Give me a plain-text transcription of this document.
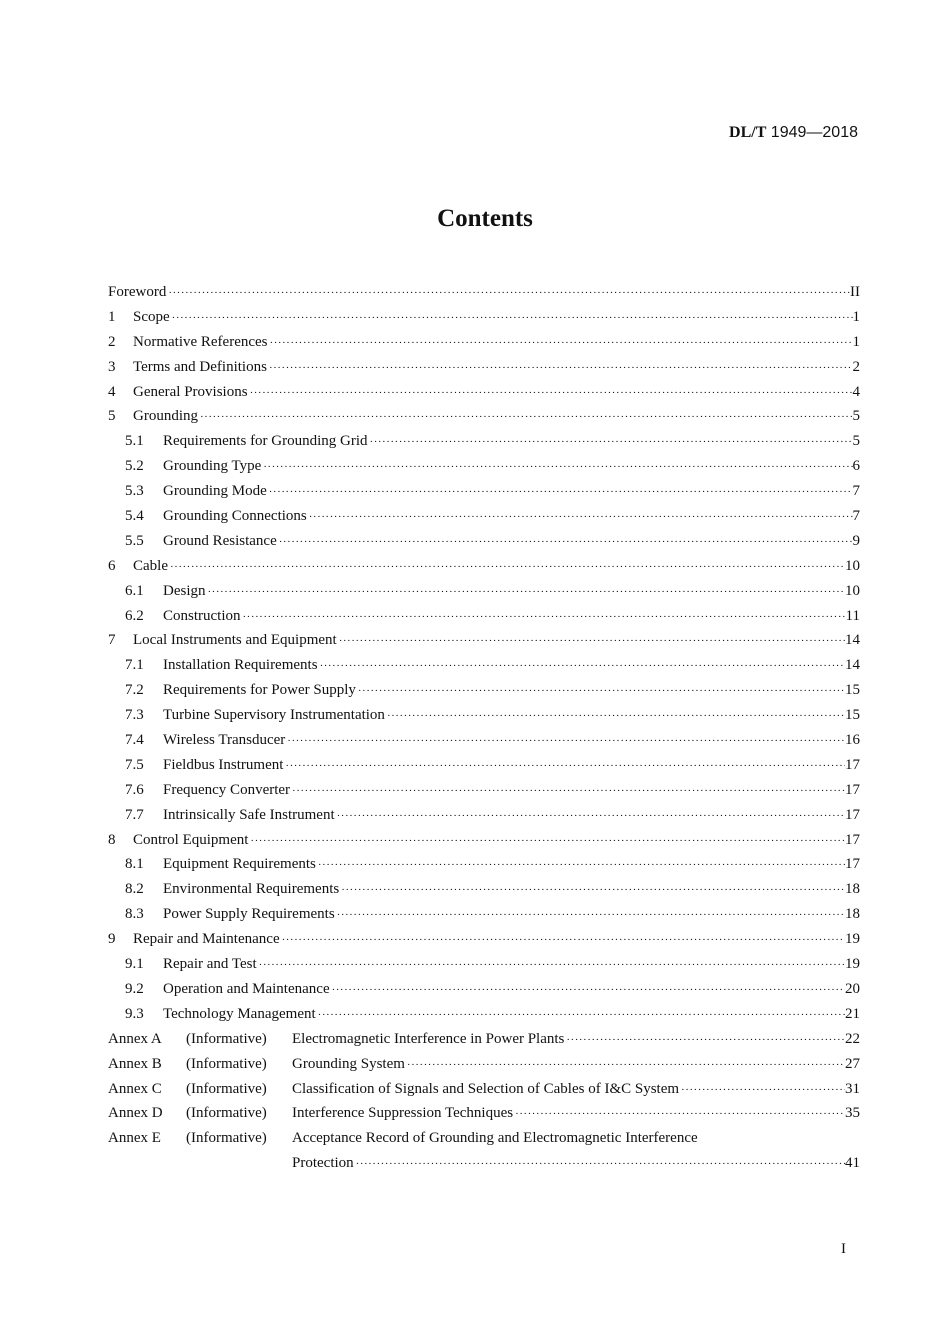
DL/T 1949—2018
Contents
Foreword ·····	II
1	Scope ·····	1
2	Normative References ·····	1
3	Terms and Definitions ·····	2
4	General Provisions ·····	4
5	Grounding ·····	5
5.1	Requirements for Grounding Grid ·····	5
5.2	Grounding Type ·····	6
5.3	Grounding Mode ·····	7
5.4	Grounding Connections ·····	7
5.5	Ground Resistance ·····	9
6	Cable ·····	10
6.1	Design ·····	10
6.2	Construction ·····	11
7	Local Instruments and Equipment ·····	14
7.1	Installation Requirements ·····	14
7.2	Requirements for Power Supply ·····	15
7.3	Turbine Supervisory Instrumentation ·····	15
7.4	Wireless Transducer ·····	16
7.5	Fieldbus Instrument ·····	17
7.6	Frequency Converter ·····	17
7.7	Intrinsically Safe Instrument ·····	17
8	Control Equipment ·····	17
8.1	Equipment Requirements ·····	17
8.2	Environmental Requirements ·····	18
8.3	Power Supply Requirements ·····	18
9	Repair and Maintenance ·····	19
9.1	Repair and Test ·····	19
9.2	Operation and Maintenance ·····	20
9.3	Technology Management ·····	21
Annex A	(Informative)	Electromagnetic Interference in Power Plants ·····	22
Annex B	(Informative)	Grounding System ·····	27
Annex C	(Informative)	Classification of Signals and Selection of Cables of I&C System ·····	31
Annex D	(Informative)	Interference Suppression Techniques ·····	35
Annex E	(Informative)	Acceptance Record of Grounding and Electromagnetic Interference
Protection ·····	41
I
